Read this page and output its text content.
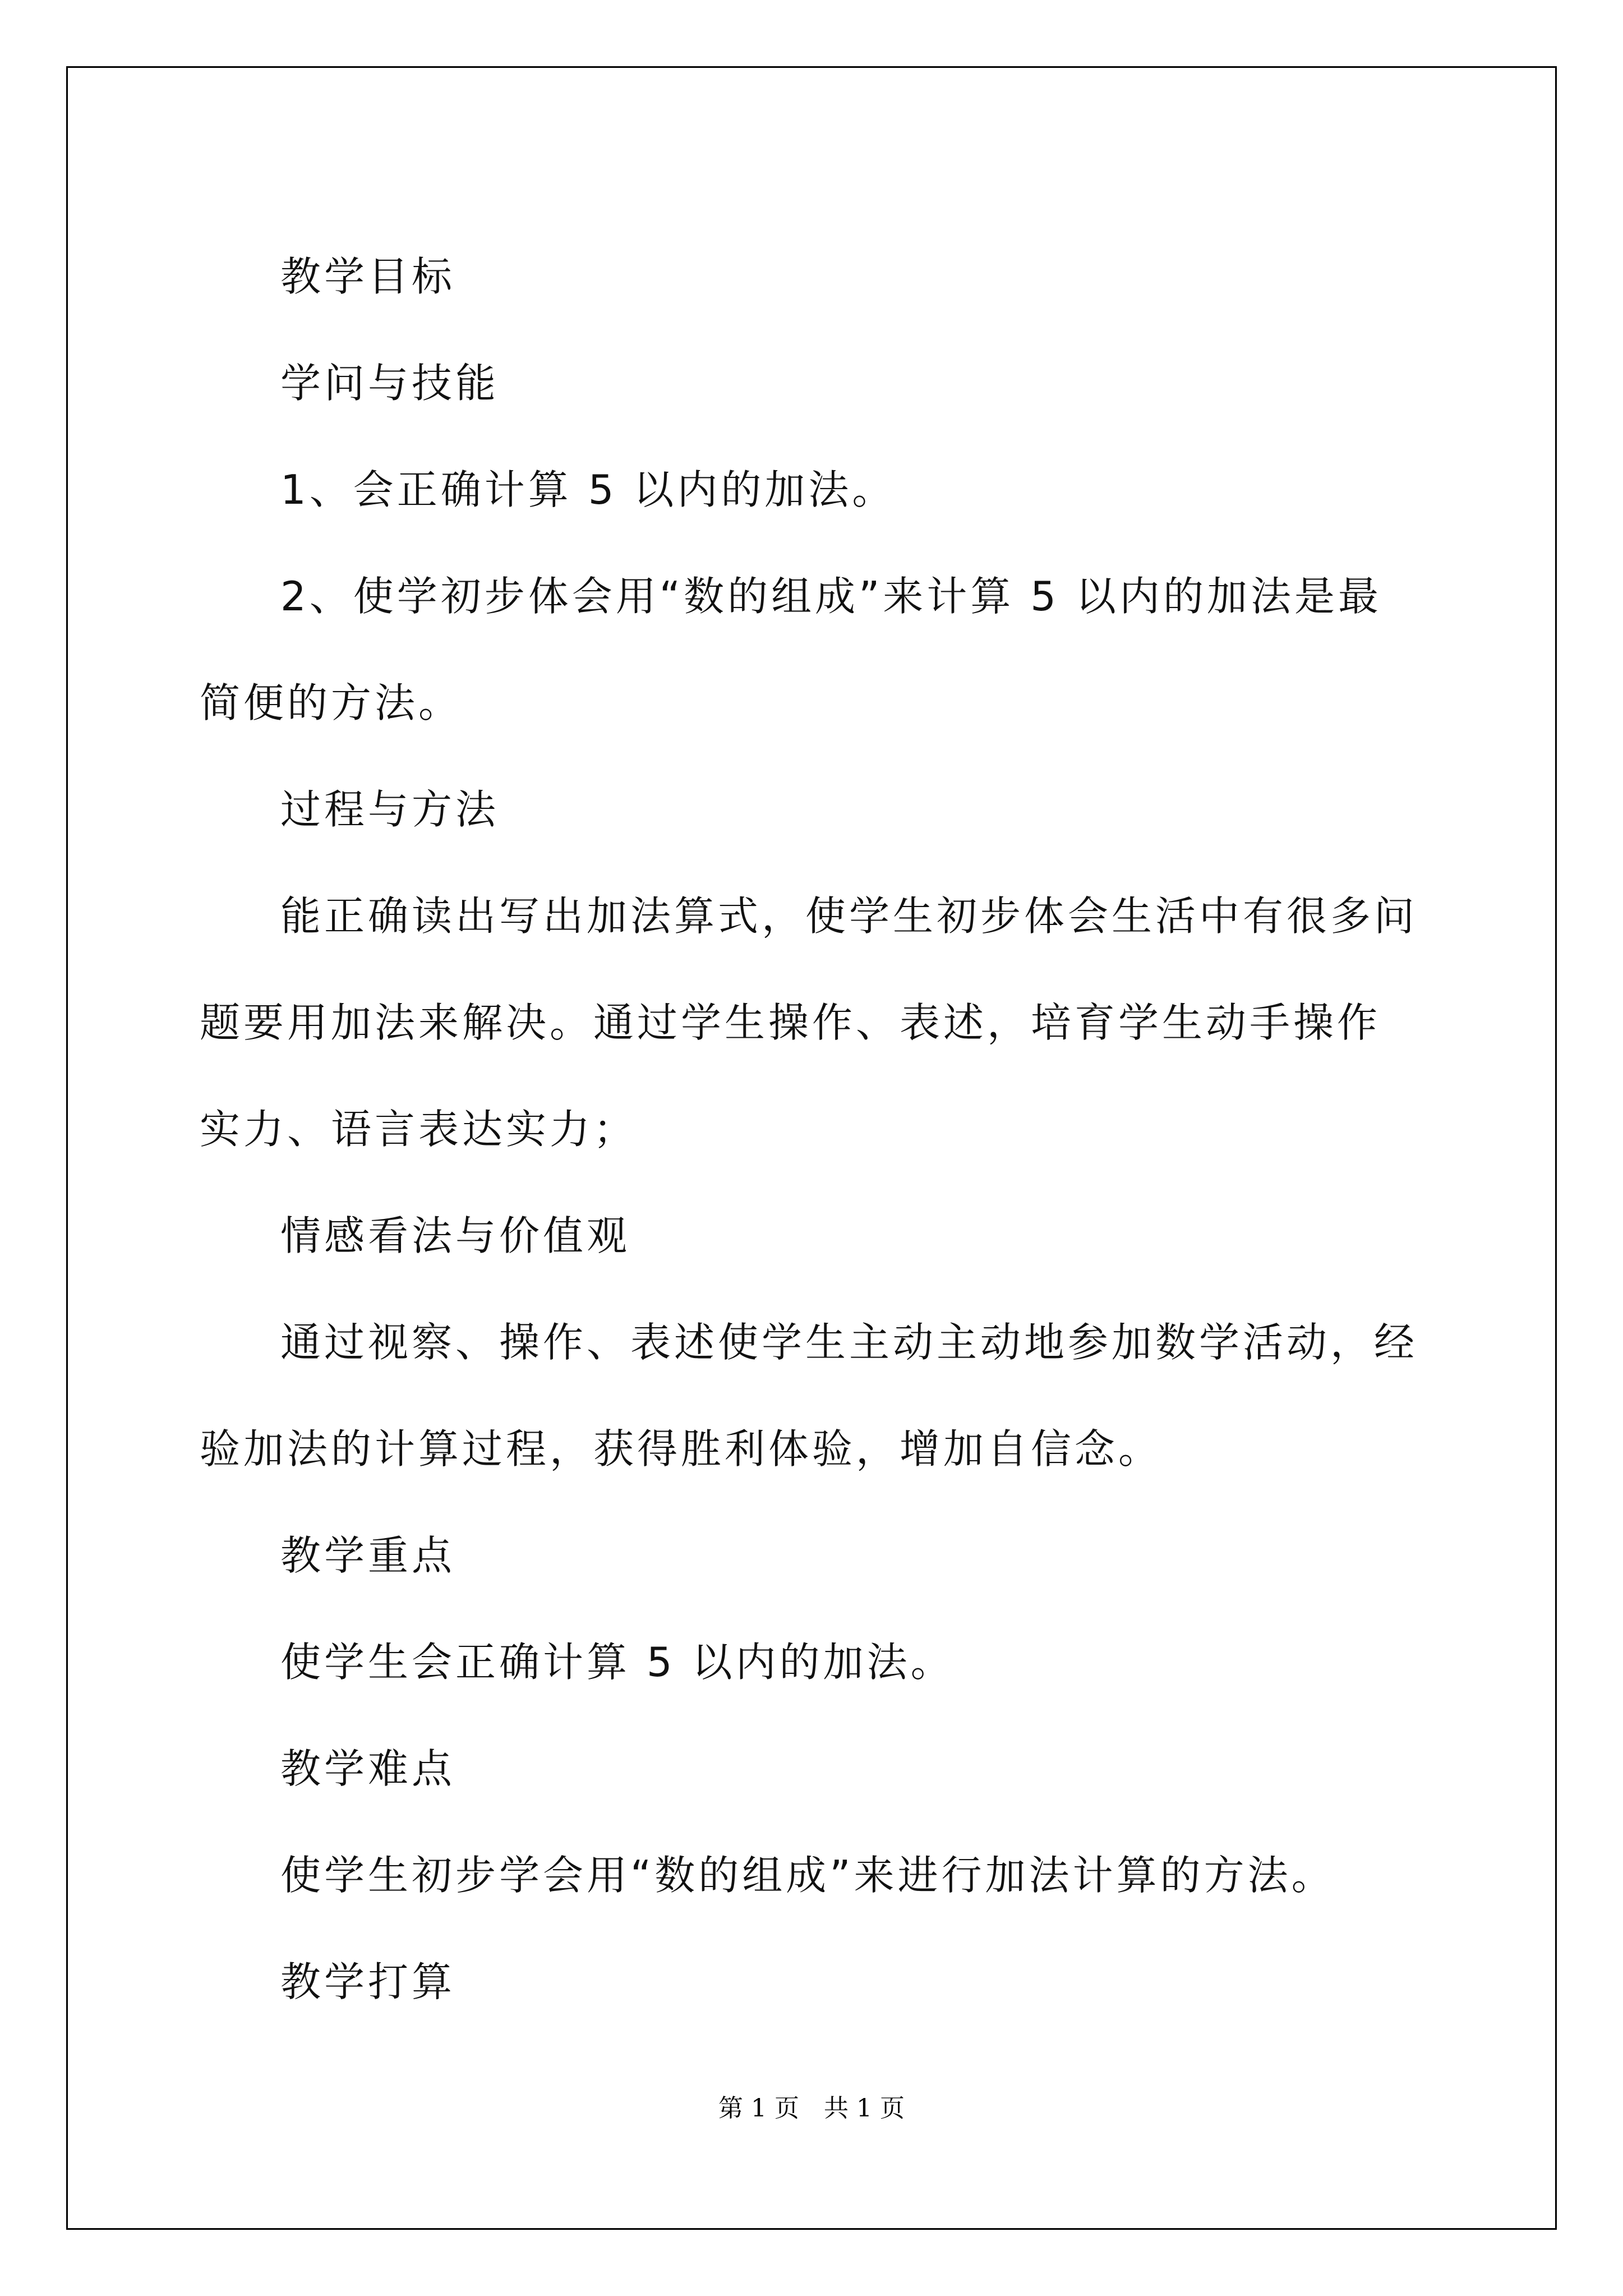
教学目标

学问与技能

1、会正确计算 5 以内的加法。

2、使学初步体会用“数的组成”来计算 5 以内的加法是最简便的方法。

过程与方法

能正确读出写出加法算式，使学生初步体会生活中有很多问题要用加法来解决。通过学生操作、表述，培育学生动手操作实力、语言表达实力；

情感看法与价值观

通过视察、操作、表述使学生主动主动地参加数学活动，经验加法的计算过程，获得胜利体验，增加自信念。

教学重点

使学生会正确计算 5 以内的加法。

教学难点

使学生初步学会用“数的组成”来进行加法计算的方法。

教学打算

第 1 页　共 1 页
